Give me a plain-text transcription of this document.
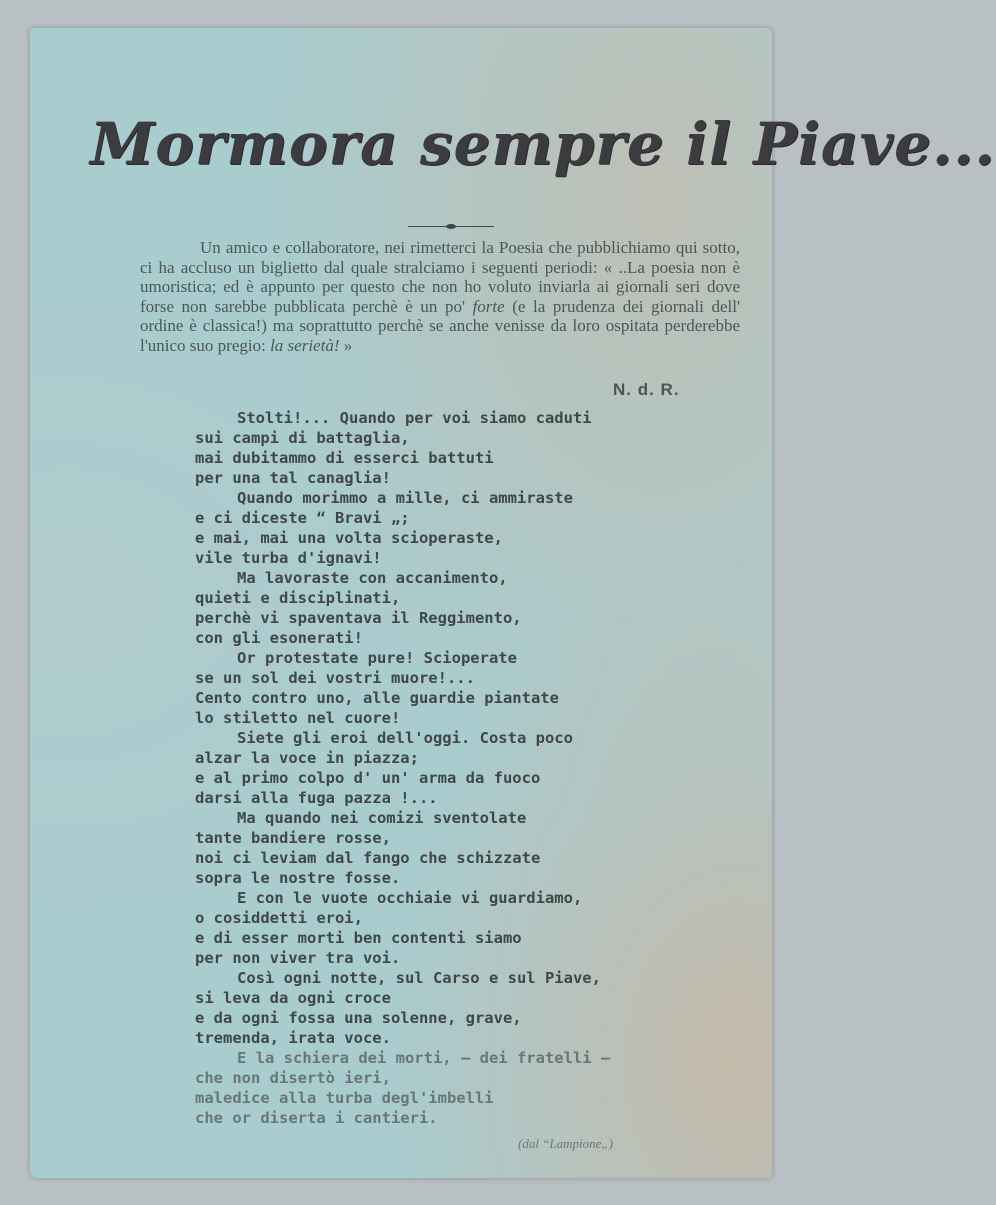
Mormora sempre il Piave...

Un amico e collaboratore, nei rimetterci la Poesia che pubblichiamo qui sotto, ci ha accluso un biglietto dal quale stralciamo i seguenti periodi: « ..La poesia non è umoristica; ed è appunto per questo che non ho voluto inviarla ai giornali seri dove forse non sarebbe pubblicata perchè è un po' forte (e la prudenza dei giornali dell' ordine è classica!) ma soprattutto perchè se anche venisse da loro ospitata perderebbe l'unico suo pregio: la serietà! »

N. d. R.
Stolti!... Quando per voi siamo caduti
sui campi di battaglia,
mai dubitammo di esserci battuti
per una tal canaglia!
Quando morimmo a mille, ci ammiraste
e ci diceste “ Bravi „;
e mai, mai una volta scioperaste,
vile turba d'ignavi!
Ma lavoraste con accanimento,
quieti e disciplinati,
perchè vi spaventava il Reggimento,
con gli esonerati!
Or protestate pure! Scioperate
se un sol dei vostri muore!...
Cento contro uno, alle guardie piantate
lo stiletto nel cuore!
Siete gli eroi dell'oggi. Costa poco
alzar la voce in piazza;
e al primo colpo d' un' arma da fuoco
darsi alla fuga pazza !...
Ma quando nei comizi sventolate
tante bandiere rosse,
noi ci leviam dal fango che schizzate
sopra le nostre fosse.
E con le vuote occhiaie vi guardiamo,
o cosiddetti eroi,
e di esser morti ben contenti siamo
per non viver tra voi.
Così ogni notte, sul Carso e sul Piave,
si leva da ogni croce
e da ogni fossa una solenne, grave,
tremenda, irata voce.
E la schiera dei morti, — dei fratelli —
che non disertò ieri,
maledice alla turba degl'imbelli
che or diserta i cantieri.
(dal “Lampione„)
